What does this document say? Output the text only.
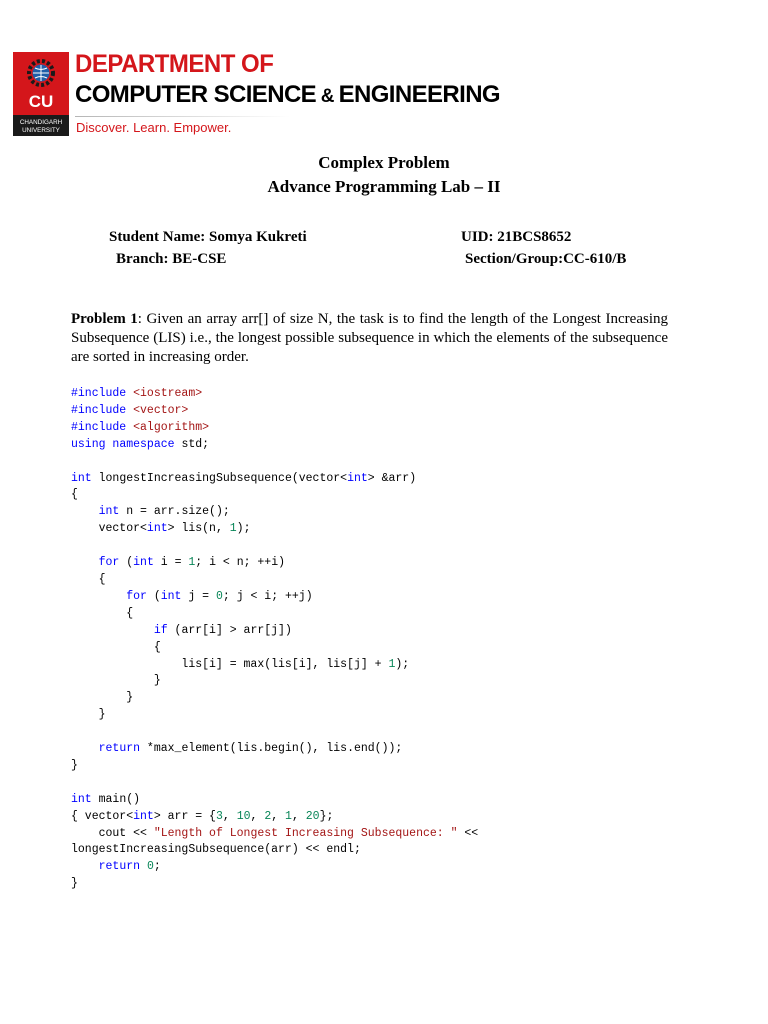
CU
CHANDIGARH
UNIVERSITY
DEPARTMENT OF
COMPUTER SCIENCE & ENGINEERING
Discover. Learn. Empower.
Complex Problem
Advance Programming Lab – II
Student Name: Somya Kukreti	UID: 21BCS8652
Branch: BE-CSE	Section/Group:CC-610/B
Problem 1: Given an array arr[] of size N, the task is to find the length of the Longest Increasing Subsequence (LIS) i.e., the longest possible subsequence in which the elements of the subsequence are sorted in increasing order.
#include <iostream>
#include <vector>
#include <algorithm>
using namespace std;

int longestIncreasingSubsequence(vector<int> &arr)
{
int n = arr.size();
vector<int> lis(n, 1);

for (int i = 1; i < n; ++i)
{
for (int j = 0; j < i; ++j)
{
if (arr[i] > arr[j])
{
lis[i] = max(lis[i], lis[j] + 1);
}
}
}

return *max_element(lis.begin(), lis.end());
}

int main()
{ vector<int> arr = {3, 10, 2, 1, 20};
cout << "Length of Longest Increasing Subsequence: " <<
longestIncreasingSubsequence(arr) << endl;
return 0;
}
